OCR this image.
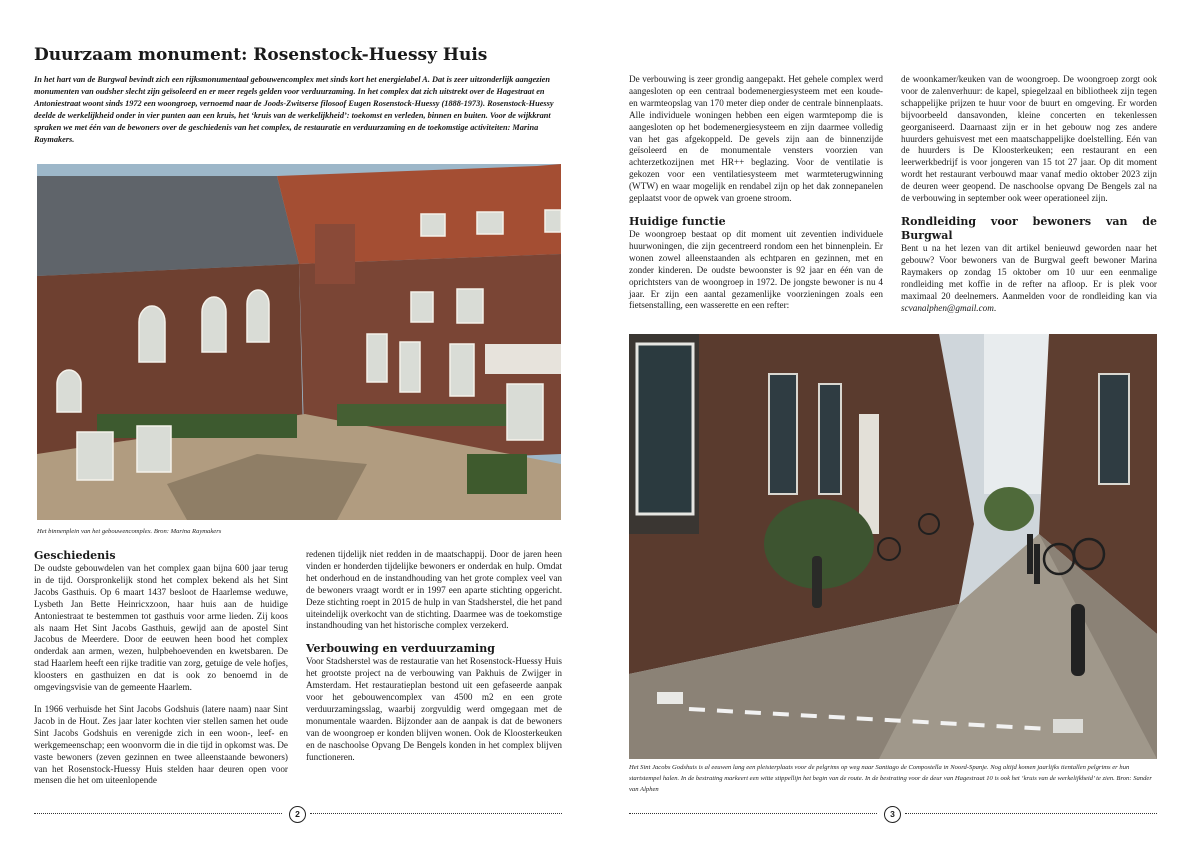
Duurzaam monument: Rosenstock-Huessy Huis
In het hart van de Burgwal bevindt zich een rijksmonumentaal gebouwencomplex met sinds kort het energielabel A. Dat is zeer uitzonderlijk aangezien monumenten van oudsher slecht zijn geïsoleerd en er meer regels gelden voor verduurzaming. In het complex dat zich uitstrekt over de Hagestraat en Antoniestraat woont sinds 1972 een woongroep, vernoemd naar de Joods-Zwitserse filosoof Eugen Rosenstock-Huessy (1888-1973). Rosenstock-Huessy deelde de werkelijkheid onder in vier punten aan een kruis, het ‘kruis van de werkelijkheid’: toekomst en verleden, binnen en buiten. Voor de wijkkrant spraken we met één van de bewoners over de geschiedenis van het complex, de restauratie en verduurzaming en de toekomstige activiteiten: Marina Raymakers.
Het binnenplein van het gebouwencomplex. Bron: Marina Raymakers
Geschiedenis

De oudste gebouwdelen van het complex gaan bijna 600 jaar terug in de tijd. Oorspronkelijk stond het complex bekend als het Sint Jacobs Gasthuis. Op 6 maart 1437 besloot de Haarlemse weduwe, Lysbeth Jan Bette Heinricxzoon, haar huis aan de huidige Antoniestraat te bestemmen tot gasthuis voor arme lieden. Zij koos als naam Het Sint Jacobs Gasthuis, gewijd aan de apostel Sint Jacobus de Meerdere. Door de eeuwen heen bood het complex onderdak aan armen, wezen, hulpbehoevenden en kwetsbaren. De stad Haarlem heeft een rijke traditie van zorg, getuige de vele hofjes, kloosters en gasthuizen en dat is ook zo benoemd in de omgevingsvisie van de gemeente Haarlem.

In 1966 verhuisde het Sint Jacobs Godshuis (latere naam) naar Sint Jacob in de Hout. Zes jaar later kochten vier stellen samen het oude Sint Jacobs Godshuis en verenigde zich in een woon-, leef- en werkgemeenschap; een woonvorm die in die tijd in opkomst was. De vaste bewoners (zeven gezinnen en twee alleenstaande bewoners) van het Rosenstock-Huessy Huis stelden haar deuren open voor mensen die het om uiteenlopende

redenen tijdelijk niet redden in de maatschappij. Door de jaren heen vinden er honderden tijdelijke bewoners er onderdak en hulp. Omdat het onderhoud en de instandhouding van het grote complex veel van de bewoners vraagt wordt er in 1997 een aparte stichting opgericht. Deze stichting roept in 2015 de hulp in van Stadsherstel, die het pand uiteindelijk overkocht van de stichting. Daarmee was de toekomstige instandhouding van het historische complex verzekerd.

Verbouwing en verduurzaming

Voor Stadsherstel was de restauratie van het Rosenstock-Huessy Huis het grootste project na de verbouwing van Pakhuis de Zwijger in Amsterdam. Het restauratieplan bestond uit een gefaseerde aanpak voor het gebouwencomplex van 4500 m2 en een grote verduurzamingsslag, waarbij zorgvuldig werd omgegaan met de monumentale waarden. Bijzonder aan de aanpak is dat de bewoners van de woongroep er konden blijven wonen. Ook de Kloosterkeuken en de naschoolse Opvang De Bengels konden in het complex blijven functioneren.

2

De verbouwing is zeer grondig aangepakt. Het gehele complex werd aangesloten op een centraal bodemenergiesysteem met een koude- en warmteopslag van 170 meter diep onder de centrale binnenplaats. Alle individuele woningen hebben een eigen warmtepomp die is aangesloten op het bodemenergiesysteem en zijn daarmee volledig van het gas afgekoppeld. De gevels zijn aan de binnenzijde geïsoleerd en de monumentale vensters voorzien van achterzetkozijnen met HR++ beglazing. Voor de ventilatie is gekozen voor een ventilatiesysteem met warmteterugwinning (WTW) en waar mogelijk en rendabel zijn op het dak zonnepanelen geplaatst voor de opwek van groene stroom.

Huidige functie

De woongroep bestaat op dit moment uit zeventien individuele huurwoningen, die zijn gecentreerd rondom een het binnenplein. Er wonen zowel alleenstaanden als echtparen en gezinnen, met en zonder kinderen. De oudste bewoonster is 92 jaar en één van de oprichtsters van de woongroep in 1972. De jongste bewoner is nu 4 jaar. Er zijn een aantal gezamenlijke voorzieningen zoals een fietsenstalling, een wasserette en een refter:

de woonkamer/keuken van de woongroep. De woongroep zorgt ook voor de zalenverhuur: de kapel, spiegelzaal en bibliotheek zijn tegen schappelijke prijzen te huur voor de buurt en omgeving. Er worden bijvoorbeeld dansavonden, kleine concerten en tekenlessen georganiseerd. Daarnaast zijn er in het gebouw nog zes andere huurders gehuisvest met een maatschappelijke doelstelling. Eén van de huurders is De Kloosterkeuken; een restaurant en een leerwerkbedrijf is voor jongeren van 15 tot 27 jaar. Op dit moment wordt het restaurant verbouwd maar vanaf medio oktober 2023 zijn de deuren weer geopend. De naschoolse opvang De Bengels zal na de verbouwing in september ook weer operationeel zijn.

Rondleiding voor bewoners van de Burgwal

Bent u na het lezen van dit artikel benieuwd geworden naar het gebouw? Voor bewoners van de Burgwal geeft bewoner Marina Raymakers op zondag 15 oktober om 10 uur een eenmalige rondleiding met koffie in de refter na afloop. Er is plek voor maximaal 20 deelnemers. Aanmelden voor de rondleiding kan via scvanalphen@gmail.com.

Het Sint Jacobs Godshuis is al eeuwen lang een pleisterplaats voor de pelgrims op weg naar Santiago de Compostella in Noord-Spanje. Nog altijd komen jaarlijks tientallen pelgrims er hun startstempel halen. In de bestrating markeert een witte stippellijn het begin van de route. In de bestrating voor de deur van Hagestraat 10 is ook het ‘kruis van de werkelijkheid’ te zien. Bron: Sander van Alphen
3
